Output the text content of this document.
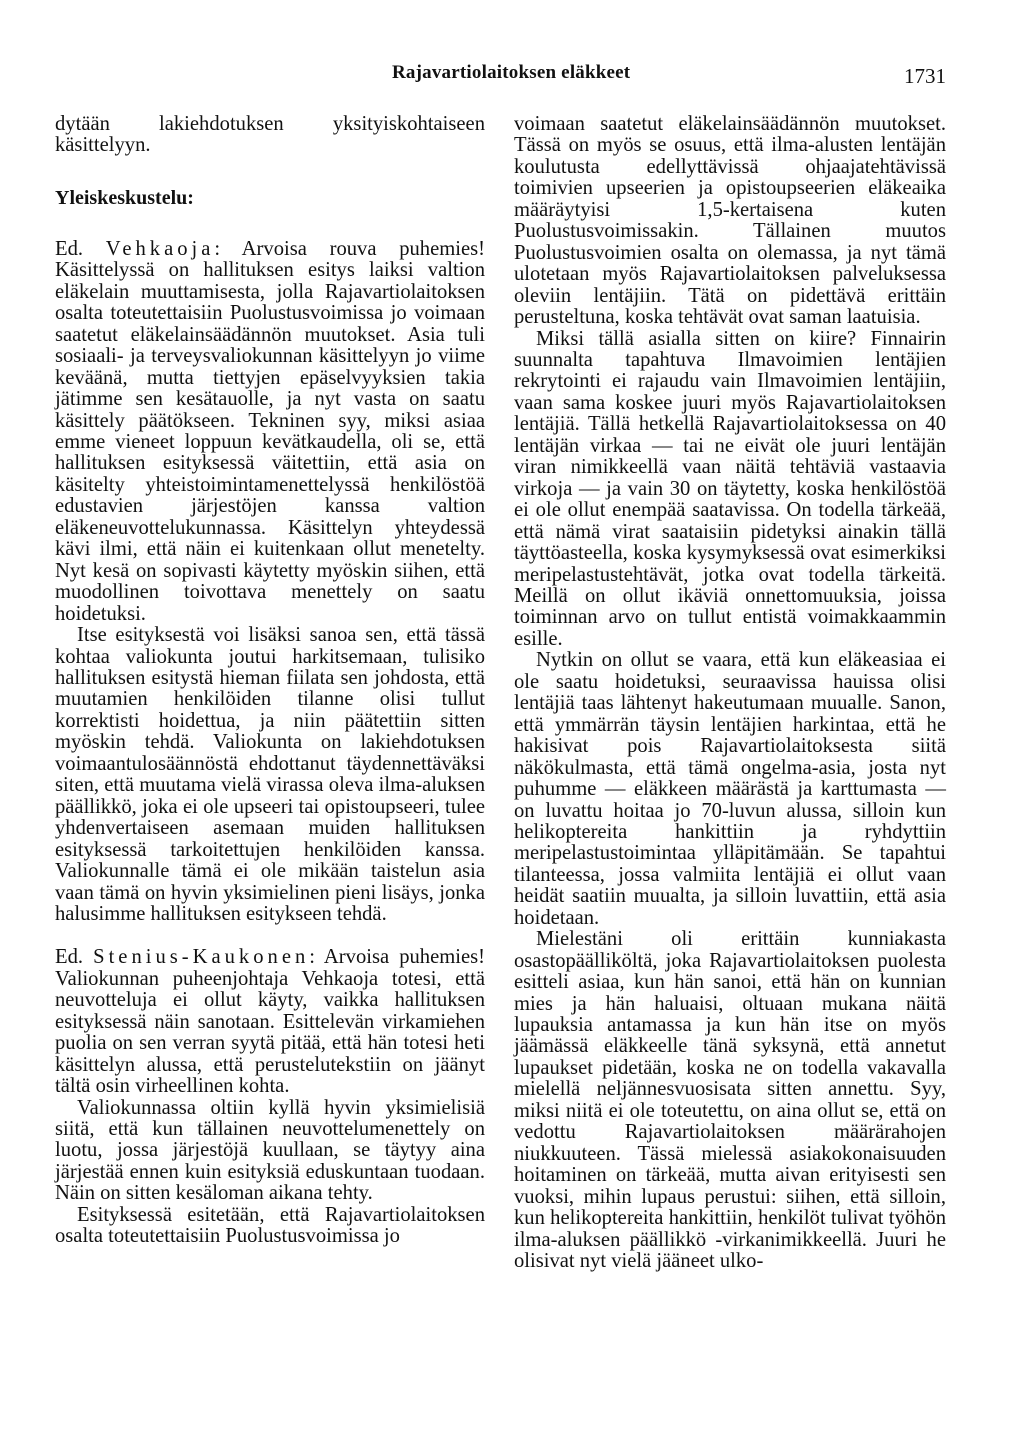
Rajavartiolaitoksen eläkkeet	1731

dytään lakiehdotuksen yksityiskohtaiseen käsittelyyn.

Yleiskeskustelu:

Ed. Vehkaoja: Arvoisa rouva puhemies! Käsittelyssä on hallituksen esitys laiksi valtion eläkelain muuttamisesta, jolla Rajavartiolaitoksen osalta toteutettaisiin Puolustusvoimissa jo voimaan saatetut eläkelainsäädännön muutokset. Asia tuli sosiaali- ja terveysvaliokunnan käsittelyyn jo viime keväänä, mutta tiettyjen epäselvyyksien takia jätimme sen kesätauolle, ja nyt vasta on saatu käsittely päätökseen. Tekninen syy, miksi asiaa emme vieneet loppuun kevätkaudella, oli se, että hallituksen esityksessä väitettiin, että asia on käsitelty yhteistoimintamenettelyssä henkilöstöä edustavien järjestöjen kanssa valtion eläkeneuvottelukunnassa. Käsittelyn yhteydessä kävi ilmi, että näin ei kuitenkaan ollut menetelty. Nyt kesä on sopivasti käytetty myöskin siihen, että muodollinen toivottava menettely on saatu hoidetuksi.

Itse esityksestä voi lisäksi sanoa sen, että tässä kohtaa valiokunta joutui harkitsemaan, tulisiko hallituksen esitystä hieman fiilata sen johdosta, että muutamien henkilöiden tilanne olisi tullut korrektisti hoidettua, ja niin päätettiin sitten myöskin tehdä. Valiokunta on lakiehdotuksen voimaantulosäännöstä ehdottanut täydennettäväksi siten, että muutama vielä virassa oleva ilma-aluksen päällikkö, joka ei ole upseeri tai opistoupseeri, tulee yhdenvertaiseen asemaan muiden hallituksen esityksessä tarkoitettujen henkilöiden kanssa. Valiokunnalle tämä ei ole mikään taistelun asia vaan tämä on hyvin yksimielinen pieni lisäys, jonka halusimme hallituksen esitykseen tehdä.

Ed. Stenius-Kaukonen: Arvoisa puhemies! Valiokunnan puheenjohtaja Vehkaoja totesi, että neuvotteluja ei ollut käyty, vaikka hallituksen esityksessä näin sanotaan. Esittelevän virkamiehen puolia on sen verran syytä pitää, että hän totesi heti käsittelyn alussa, että perustelutekstiin on jäänyt tältä osin virheellinen kohta.

Valiokunnassa oltiin kyllä hyvin yksimielisiä siitä, että kun tällainen neuvottelumenettely on luotu, jossa järjestöjä kuullaan, se täytyy aina järjestää ennen kuin esityksiä eduskuntaan tuodaan. Näin on sitten kesäloman aikana tehty.

Esityksessä esitetään, että Rajavartiolaitoksen osalta toteutettaisiin Puolustusvoimissa jo

voimaan saatetut eläkelainsäädännön muutokset. Tässä on myös se osuus, että ilma-alusten lentäjän koulutusta edellyttävissä ohjaajatehtävissä toimivien upseerien ja opistoupseerien eläkeaika määräytyisi 1,5-kertaisena kuten Puolustusvoimissakin. Tällainen muutos Puolustusvoimien osalta on olemassa, ja nyt tämä ulotetaan myös Rajavartiolaitoksen palveluksessa oleviin lentäjiin. Tätä on pidettävä erittäin perusteltuna, koska tehtävät ovat saman laatuisia.

Miksi tällä asialla sitten on kiire? Finnairin suunnalta tapahtuva Ilmavoimien lentäjien rekrytointi ei rajaudu vain Ilmavoimien lentäjiin, vaan sama koskee juuri myös Rajavartiolaitoksen lentäjiä. Tällä hetkellä Rajavartiolaitoksessa on 40 lentäjän virkaa — tai ne eivät ole juuri lentäjän viran nimikkeellä vaan näitä tehtäviä vastaavia virkoja — ja vain 30 on täytetty, koska henkilöstöä ei ole ollut enempää saatavissa. On todella tärkeää, että nämä virat saataisiin pidetyksi ainakin tällä täyttöasteella, koska kysymyksessä ovat esimerkiksi meripelastustehtävät, jotka ovat todella tärkeitä. Meillä on ollut ikäviä onnettomuuksia, joissa toiminnan arvo on tullut entistä voimakkaammin esille.

Nytkin on ollut se vaara, että kun eläkeasiaa ei ole saatu hoidetuksi, seuraavissa hauissa olisi lentäjiä taas lähtenyt hakeutumaan muualle. Sanon, että ymmärrän täysin lentäjien harkintaa, että he hakisivat pois Rajavartiolaitoksesta siitä näkökulmasta, että tämä ongelma-asia, josta nyt puhumme — eläkkeen määrästä ja karttumasta — on luvattu hoitaa jo 70-luvun alussa, silloin kun helikoptereita hankittiin ja ryhdyttiin meripelastustoimintaa ylläpitämään. Se tapahtui tilanteessa, jossa valmiita lentäjiä ei ollut vaan heidät saatiin muualta, ja silloin luvattiin, että asia hoidetaan.

Mielestäni oli erittäin kunniakasta osastopäälliköltä, joka Rajavartiolaitoksen puolesta esitteli asiaa, kun hän sanoi, että hän on kunnian mies ja hän haluaisi, oltuaan mukana näitä lupauksia antamassa ja kun hän itse on myös jäämässä eläkkeelle tänä syksynä, että annetut lupaukset pidetään, koska ne on todella vakavalla mielellä neljännesvuosisata sitten annettu. Syy, miksi niitä ei ole toteutettu, on aina ollut se, että on vedottu Rajavartiolaitoksen määrärahojen niukkuuteen. Tässä mielessä asiakokonaisuuden hoitaminen on tärkeää, mutta aivan erityisesti sen vuoksi, mihin lupaus perustui: siihen, että silloin, kun helikoptereita hankittiin, henkilöt tulivat työhön ilma-aluksen päällikkö -virkanimikkeellä. Juuri he olisivat nyt vielä jääneet ulko-
